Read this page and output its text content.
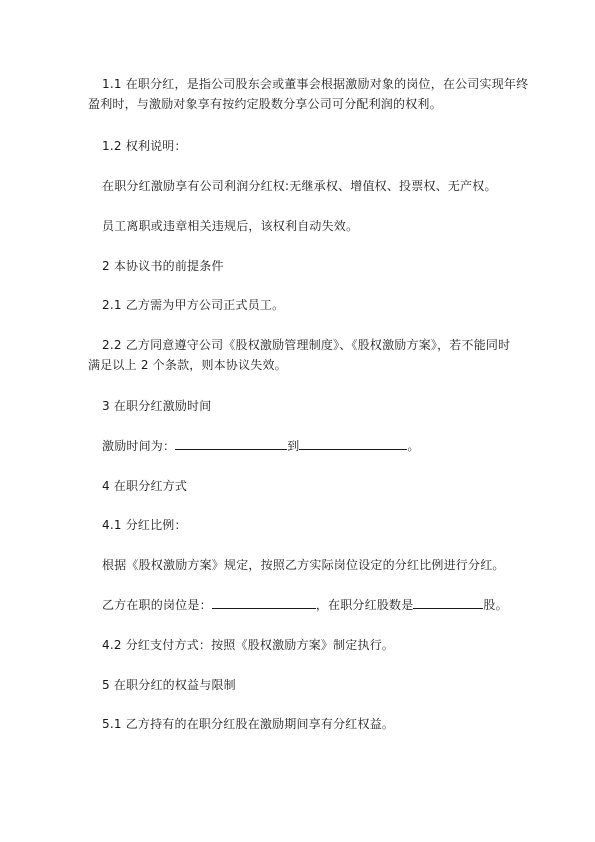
1.1 在职分红，是指公司股东会或董事会根据激励对象的岗位，在公司实现年终

盈利时，与激励对象享有按约定股数分享公司可分配利润的权利。

1.2 权利说明：

在职分红激励享有公司利润分红权:无继承权、增值权、投票权、无产权。

员工离职或违章相关违规后，该权利自动失效。

2 本协议书的前提条件

2.1 乙方需为甲方公司正式员工。

2.2 乙方同意遵守公司《股权激励管理制度》、《股权激励方案》，若不能同时

满足以上 2 个条款，则本协议失效。

3 在职分红激励时间

激励时间为：	到	。

4 在职分红方式

4.1 分红比例：

根据《股权激励方案》规定，按照乙方实际岗位设定的分红比例进行分红。

乙方在职的岗位是：	，在职分红股数是	股。

4.2 分红支付方式：按照《股权激励方案》制定执行。

5 在职分红的权益与限制

5.1 乙方持有的在职分红股在激励期间享有分红权益。
